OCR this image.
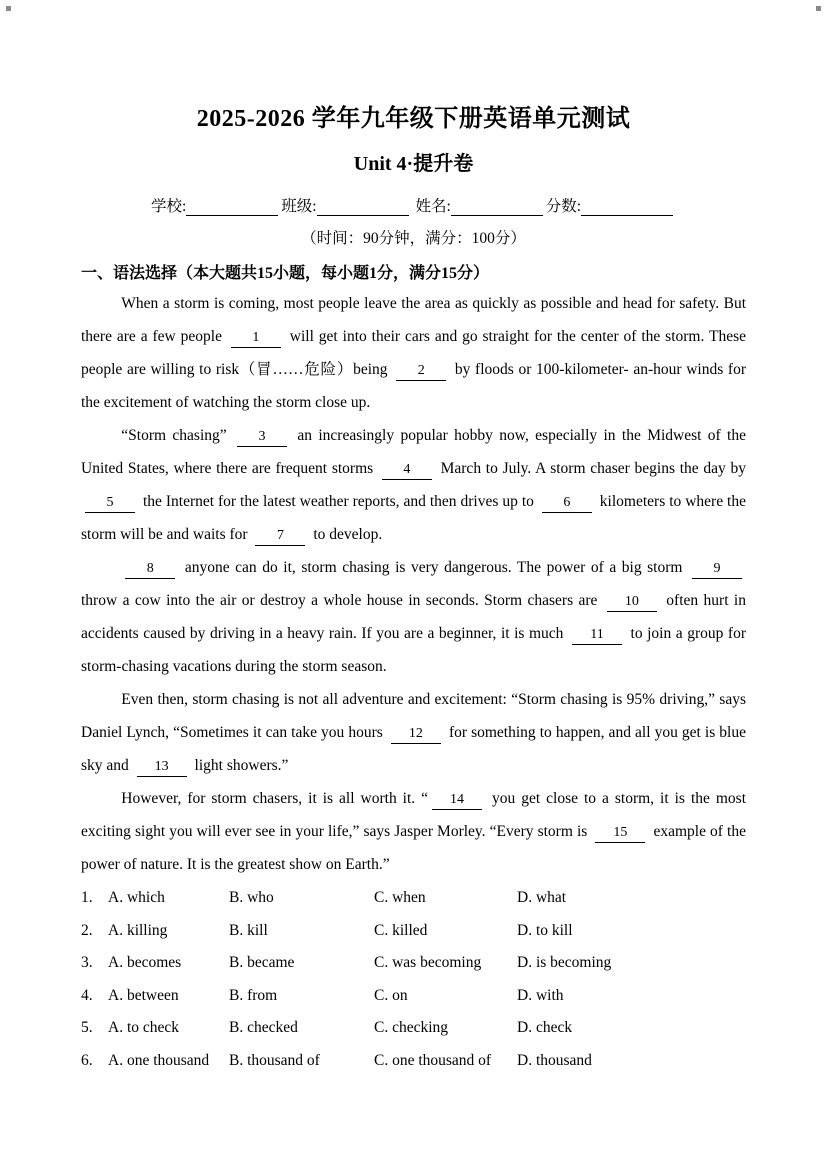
2025-2026 学年九年级下册英语单元测试
Unit 4·提升卷
学校:	班级:	姓名:	分数:
（时间：90分钟，满分：100分）
一、语法选择（本大题共15小题，每小题1分，满分15分）

When a storm is coming, most people leave the area as quickly as possible and head for safety. But there are a few people 1 will get into their cars and go straight for the center of the storm. These people are willing to risk（冒……危险）being 2 by floods or 100-kilometer- an-hour winds for the excitement of watching the storm close up.

“Storm chasing” 3 an increasingly popular hobby now, especially in the Midwest of the United States, where there are frequent storms 4 March to July. A storm chaser begins the day by 5 the Internet for the latest weather reports, and then drives up to 6 kilometers to where the storm will be and waits for 7 to develop.

8 anyone can do it, storm chasing is very dangerous. The power of a big storm 9 throw a cow into the air or destroy a whole house in seconds. Storm chasers are 10 often hurt in accidents caused by driving in a heavy rain. If you are a beginner, it is much 11 to join a group for storm-chasing vacations during the storm season.

Even then, storm chasing is not all adventure and excitement: “Storm chasing is 95% driving,” says Daniel Lynch, “Sometimes it can take you hours 12 for something to happen, and all you get is blue sky and 13 light showers.”

However, for storm chasers, it is all worth it. “ 14 you get close to a storm, it is the most exciting sight you will ever see in your life,” says Jasper Morley. “Every storm is 15 example of the power of nature. It is the greatest show on Earth.”

1. A. which	B. who	C. when	D. what
2. A. killing	B. kill	C. killed	D. to kill
3. A. becomes	B. became	C. was becoming	D. is becoming
4. A. between	B. from	C. on	D. with
5. A. to check	B. checked	C. checking	D. check
6. A. one thousand	B. thousand of	C. one thousand of	D. thousand
